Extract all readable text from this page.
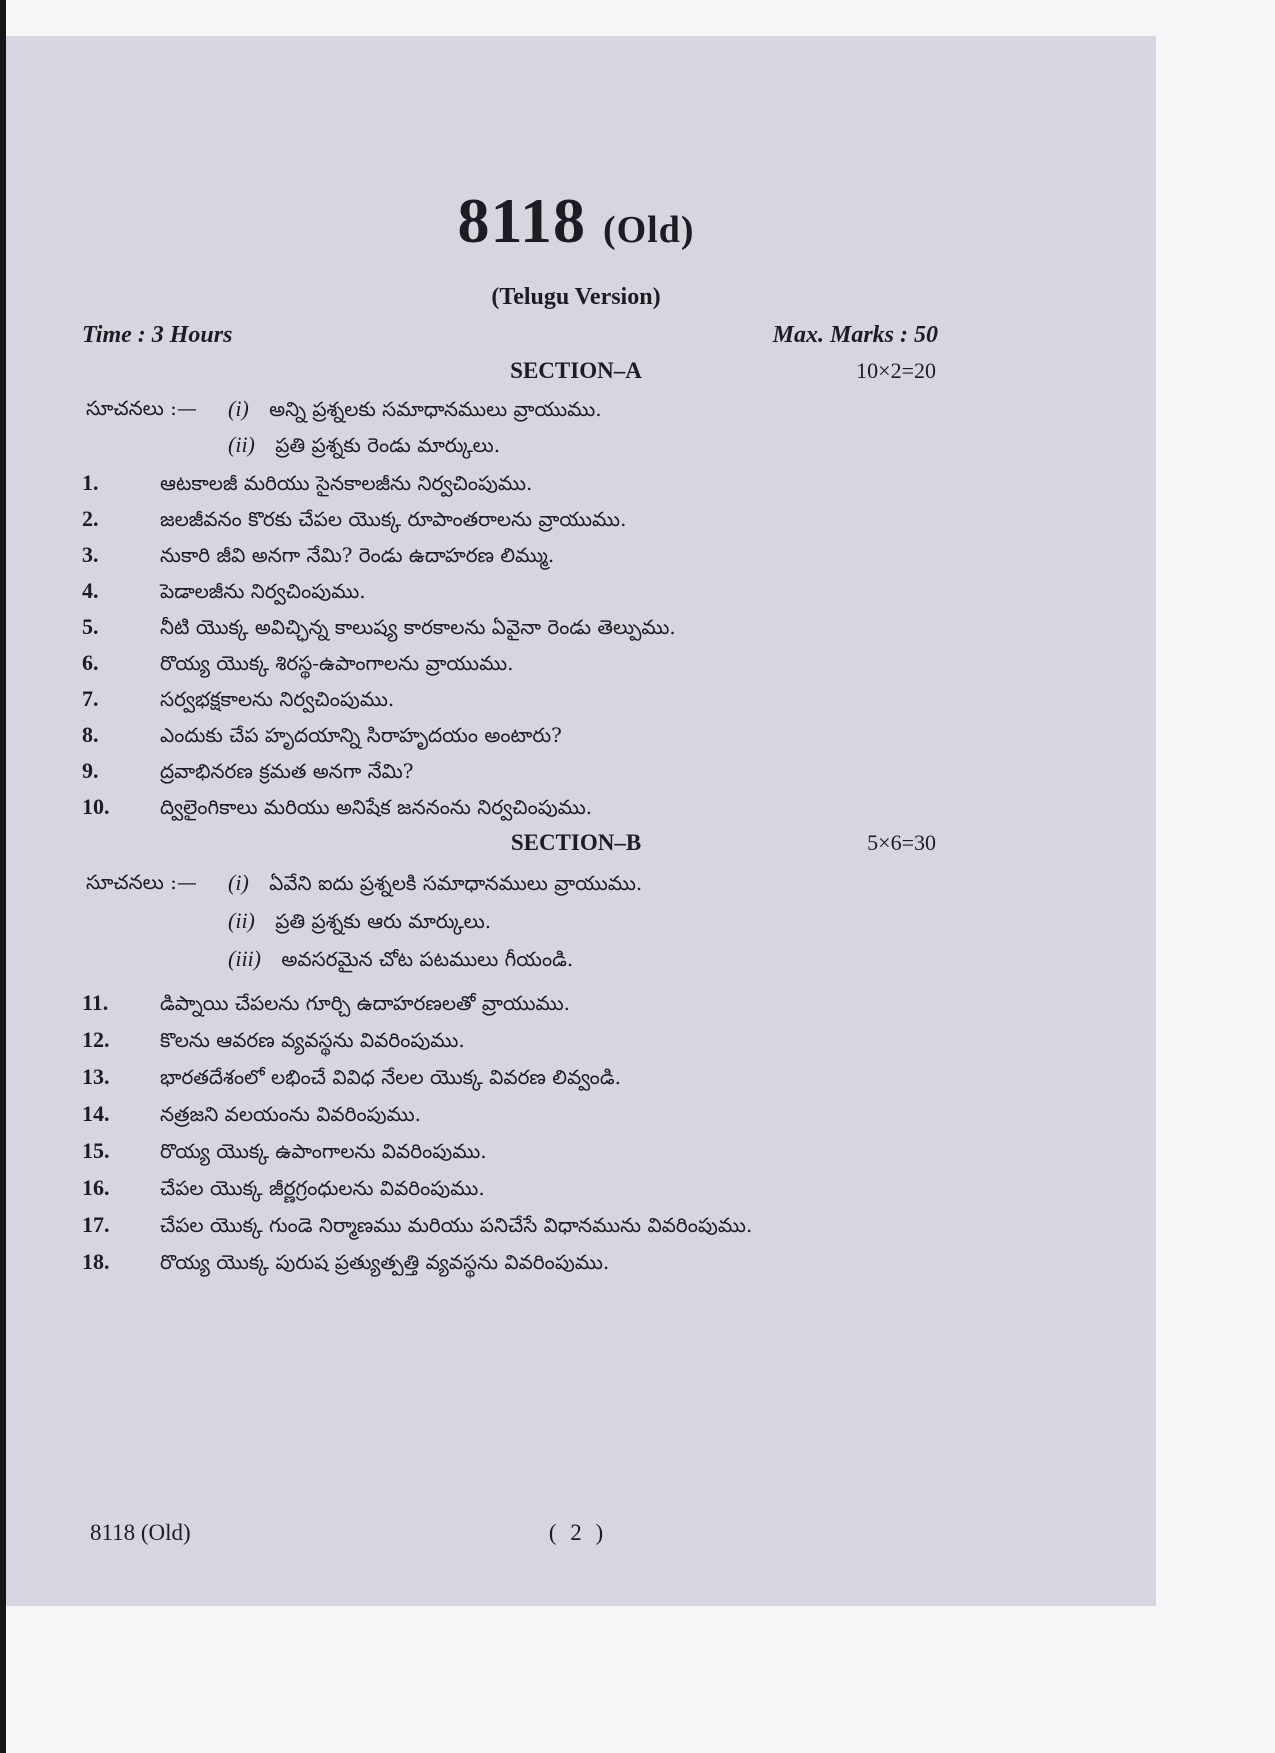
8118 (Old)
(Telugu Version)
Time : 3 Hours	Max. Marks : 50
SECTION–A	10×2=20
సూచనలు :— (i) అన్ని ప్రశ్నలకు సమాధానములు వ్రాయుము.
(ii) ప్రతి ప్రశ్నకు రెండు మార్కులు.
1.	ఆటకాలజీ మరియు సైనకాలజీను నిర్వచింపుము.
2.	జలజీవనం కొరకు చేపల యొక్క రూపాంతరాలను వ్రాయుము.
3.	నుకారి జీవి అనగా నేమి? రెండు ఉదాహరణ లిమ్ము.
4.	పెడాలజీను నిర్వచింపుము.
5.	నీటి యొక్క అవిచ్ఛిన్న కాలుష్య కారకాలను ఏవైనా రెండు తెల్పుము.
6.	రొయ్య యొక్క శిరస్థ-ఉపాంగాలను వ్రాయుము.
7.	సర్వభక్షకాలను నిర్వచింపుము.
8.	ఎందుకు చేప హృదయాన్ని సిరాహృదయం అంటారు?
9.	ద్రవాభినరణ క్రమత అనగా నేమి?
10.	ద్విలైంగికాలు మరియు అనిషేక జననంను నిర్వచింపుము.
SECTION–B	5×6=30
సూచనలు :— (i) ఏవేని ఐదు ప్రశ్నలకి సమాధానములు వ్రాయుము.
(ii) ప్రతి ప్రశ్నకు ఆరు మార్కులు.
(iii) అవసరమైన చోట పటములు గీయండి.
11.	డిప్నాయి చేపలను గూర్చి ఉదాహరణలతో వ్రాయుము.
12.	కొలను ఆవరణ వ్యవస్థను వివరింపుము.
13.	భారతదేశంలో లభించే వివిధ నేలల యొక్క వివరణ లివ్వండి.
14.	నత్రజని వలయంను వివరింపుము.
15.	రొయ్య యొక్క ఉపాంగాలను వివరింపుము.
16.	చేపల యొక్క జీర్ణగ్రంధులను వివరింపుము.
17.	చేపల యొక్క గుండె నిర్మాణము మరియు పనిచేసే విధానమును వివరింపుము.
18.	రొయ్య యొక్క పురుష ప్రత్యుత్పత్తి వ్యవస్థను వివరింపుము.
8118 (Old)	( 2 )
